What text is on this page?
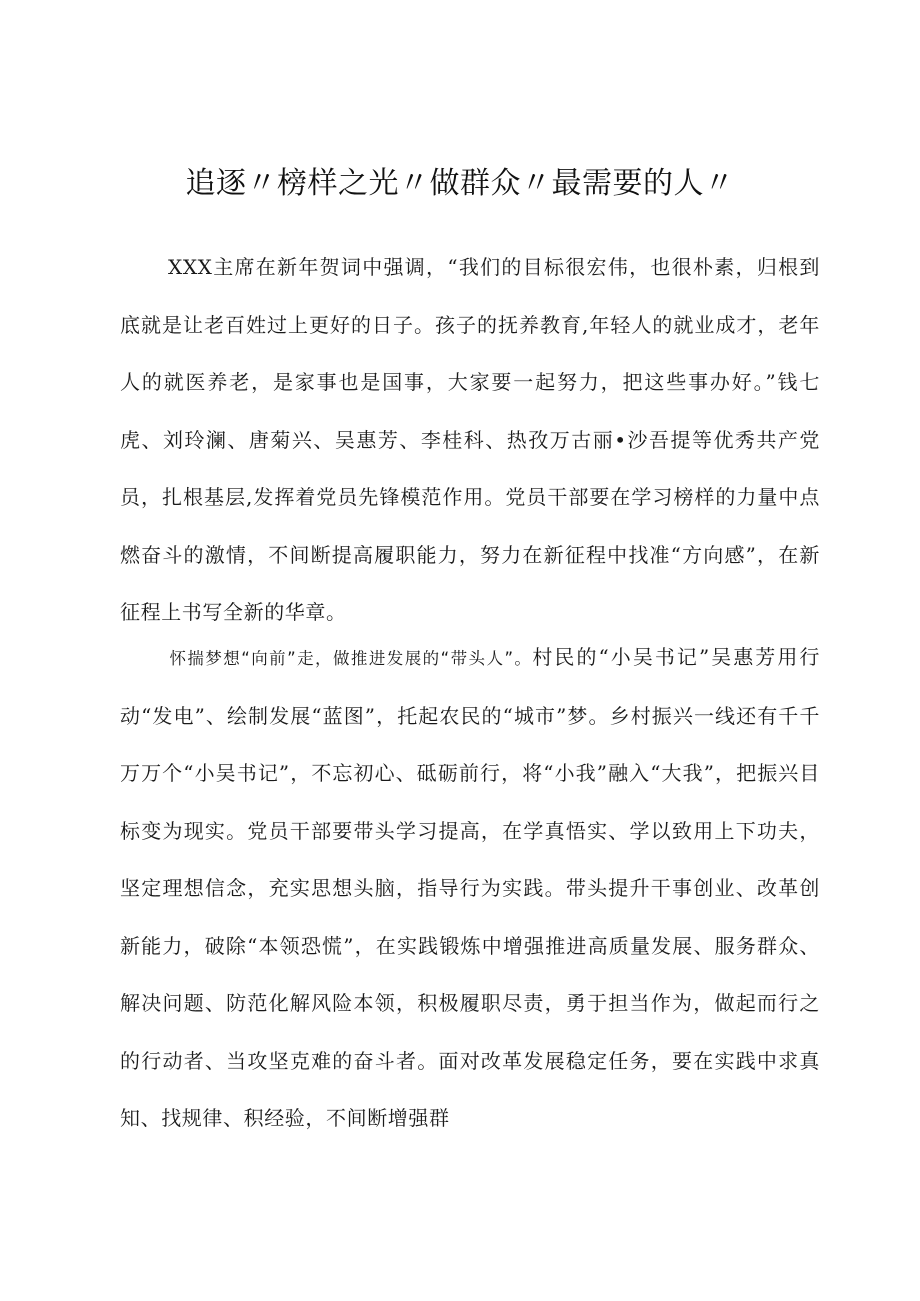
追逐〃榜样之光〃做群众〃最需要的人〃

XXX主席在新年贺词中强调，“我们的目标很宏伟，也很朴素，归根到底就是让老百姓过上更好的日子。孩子的抚养教育,年轻人的就业成才，老年人的就医养老，是家事也是国事，大家要一起努力，把这些事办好。”钱七虎、刘玲澜、唐菊兴、吴惠芳、李桂科、热孜万古丽•沙吾提等优秀共产党员，扎根基层,发挥着党员先锋模范作用。党员干部要在学习榜样的力量中点燃奋斗的激情，不间断提高履职能力，努力在新征程中找准“方向感”，在新征程上书写全新的华章。

怀揣梦想“向前”走，做推进发展的“带头人”。村民的“小吴书记”吴惠芳用行动“发电”、绘制发展“蓝图”，托起农民的“城市”梦。乡村振兴一线还有千千万万个“小吴书记”，不忘初心、砥砺前行，将“小我”融入“大我”，把振兴目标变为现实。党员干部要带头学习提高，在学真悟实、学以致用上下功夫，坚定理想信念，充实思想头脑，指导行为实践。带头提升干事创业、改革创新能力，破除“本领恐慌”，在实践锻炼中增强推进高质量发展、服务群众、解决问题、防范化解风险本领，积极履职尽责，勇于担当作为，做起而行之的行动者、当攻坚克难的奋斗者。面对改革发展稳定任务，要在实践中求真知、找规律、积经验，不间断增强群
